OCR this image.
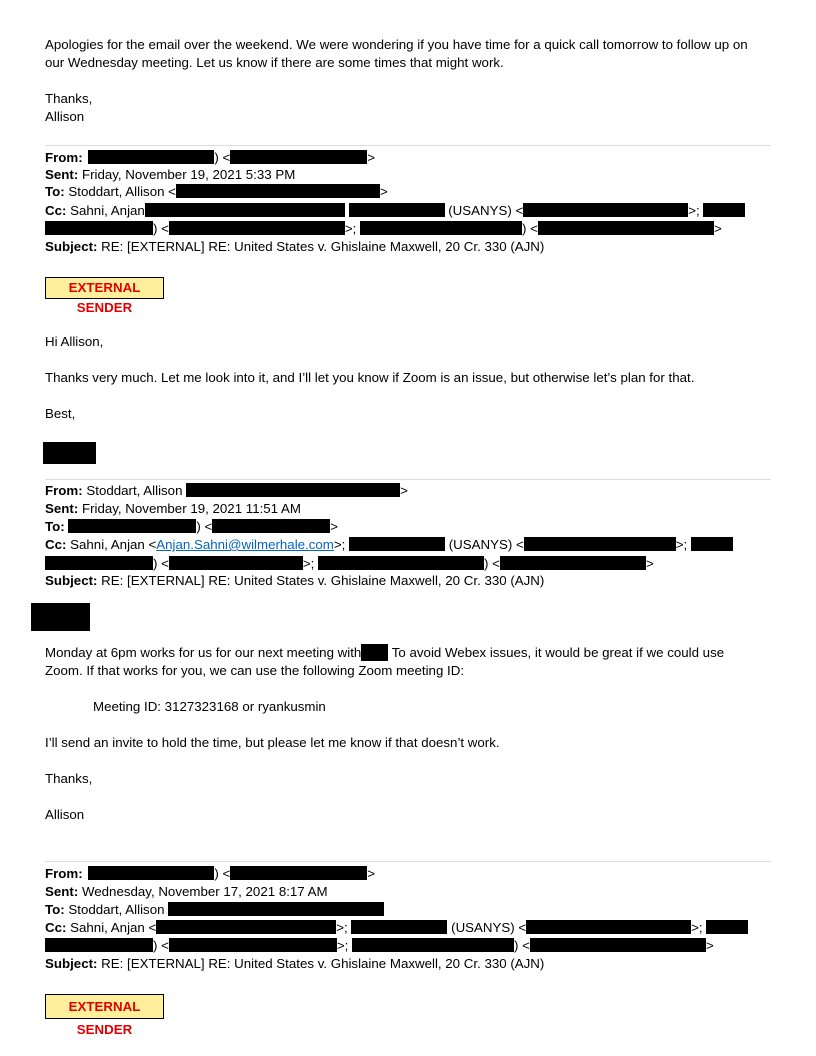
Apologies for the email over the weekend. We were wondering if you have time for a quick call tomorrow to follow up on
our Wednesday meeting. Let us know if there are some times that might work.
Thanks,
Allison
From:	) <	>
Sent: Friday, November 19, 2021 5:33 PM
To: Stoddart, Allison <	>
Cc: Sahni, Anjan	(USANYS) <	>;
) <	>;	) <	>
Subject: RE: [EXTERNAL] RE: United States v. Ghislaine Maxwell, 20 Cr. 330 (AJN)
EXTERNAL SENDER
Hi Allison,
Thanks very much. Let me look into it, and I’ll let you know if Zoom is an issue, but otherwise let’s plan for that.
Best,
From: Stoddart, Allison	>
Sent: Friday, November 19, 2021 11:51 AM
To:	) <	>
Cc: Sahni, Anjan <Anjan.Sahni@wilmerhale.com>;	(USANYS) <	>;
) <	>;	) <	>
Subject: RE: [EXTERNAL] RE: United States v. Ghislaine Maxwell, 20 Cr. 330 (AJN)
Monday at 6pm works for us for our next meeting with To avoid Webex issues, it would be great if we could use
Zoom. If that works for you, we can use the following Zoom meeting ID:
Meeting ID: 3127323168 or ryankusmin
I’ll send an invite to hold the time, but please let me know if that doesn’t work.
Thanks,
Allison
From:	) <	>
Sent: Wednesday, November 17, 2021 8:17 AM
To: Stoddart, Allison
Cc: Sahni, Anjan <	>;	(USANYS) <	>;
) <	>;	) <	>
Subject: RE: [EXTERNAL] RE: United States v. Ghislaine Maxwell, 20 Cr. 330 (AJN)
EXTERNAL SENDER
